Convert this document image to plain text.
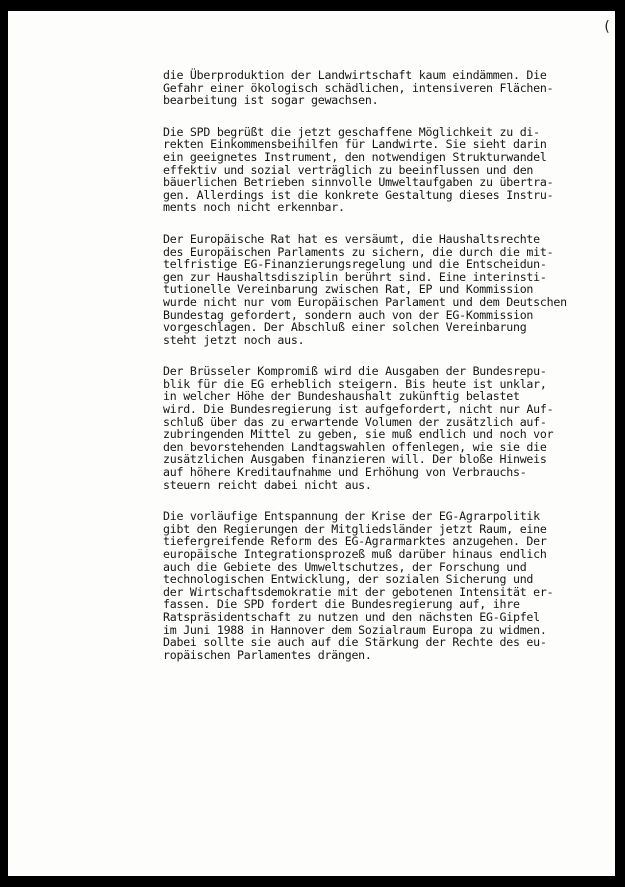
(
die Überproduktion der Landwirtschaft kaum eindämmen. Die
Gefahr einer ökologisch schädlichen, intensiveren Flächen-
bearbeitung ist sogar gewachsen.
Die SPD begrüßt die jetzt geschaffene Möglichkeit zu di-
rekten Einkommensbeihilfen für Landwirte. Sie sieht darin
ein geeignetes Instrument, den notwendigen Strukturwandel
effektiv und sozial verträglich zu beeinflussen und den
bäuerlichen Betrieben sinnvolle Umweltaufgaben zu übertra-
gen. Allerdings ist die konkrete Gestaltung dieses Instru-
ments noch nicht erkennbar.
Der Europäische Rat hat es versäumt, die Haushaltsrechte
des Europäischen Parlaments zu sichern, die durch die mit-
telfristige EG-Finanzierungsregelung und die Entscheidun-
gen zur Haushaltsdisziplin berührt sind. Eine interinsti-
tutionelle Vereinbarung zwischen Rat, EP und Kommission
wurde nicht nur vom Europäischen Parlament und dem Deutschen
Bundestag gefordert, sondern auch von der EG-Kommission
vorgeschlagen. Der Abschluß einer solchen Vereinbarung
steht jetzt noch aus.
Der Brüsseler Kompromiß wird die Ausgaben der Bundesrepu-
blik für die EG erheblich steigern. Bis heute ist unklar,
in welcher Höhe der Bundeshaushalt zukünftig belastet
wird. Die Bundesregierung ist aufgefordert, nicht nur Auf-
schluß über das zu erwartende Volumen der zusätzlich auf-
zubringenden Mittel zu geben, sie muß endlich und noch vor
den bevorstehenden Landtagswahlen offenlegen, wie sie die
zusätzlichen Ausgaben finanzieren will. Der bloße Hinweis
auf höhere Kreditaufnahme und Erhöhung von Verbrauchs-
steuern reicht dabei nicht aus.
Die vorläufige Entspannung der Krise der EG-Agrarpolitik
gibt den Regierungen der Mitgliedsländer jetzt Raum, eine
tiefergreifende Reform des EG-Agrarmarktes anzugehen. Der
europäische Integrationsprozeß muß darüber hinaus endlich
auch die Gebiete des Umweltschutzes, der Forschung und
technologischen Entwicklung, der sozialen Sicherung und
der Wirtschaftsdemokratie mit der gebotenen Intensität er-
fassen. Die SPD fordert die Bundesregierung auf, ihre
Ratspräsidentschaft zu nutzen und den nächsten EG-Gipfel
im Juni 1988 in Hannover dem Sozialraum Europa zu widmen.
Dabei sollte sie auch auf die Stärkung der Rechte des eu-
ropäischen Parlamentes drängen.
